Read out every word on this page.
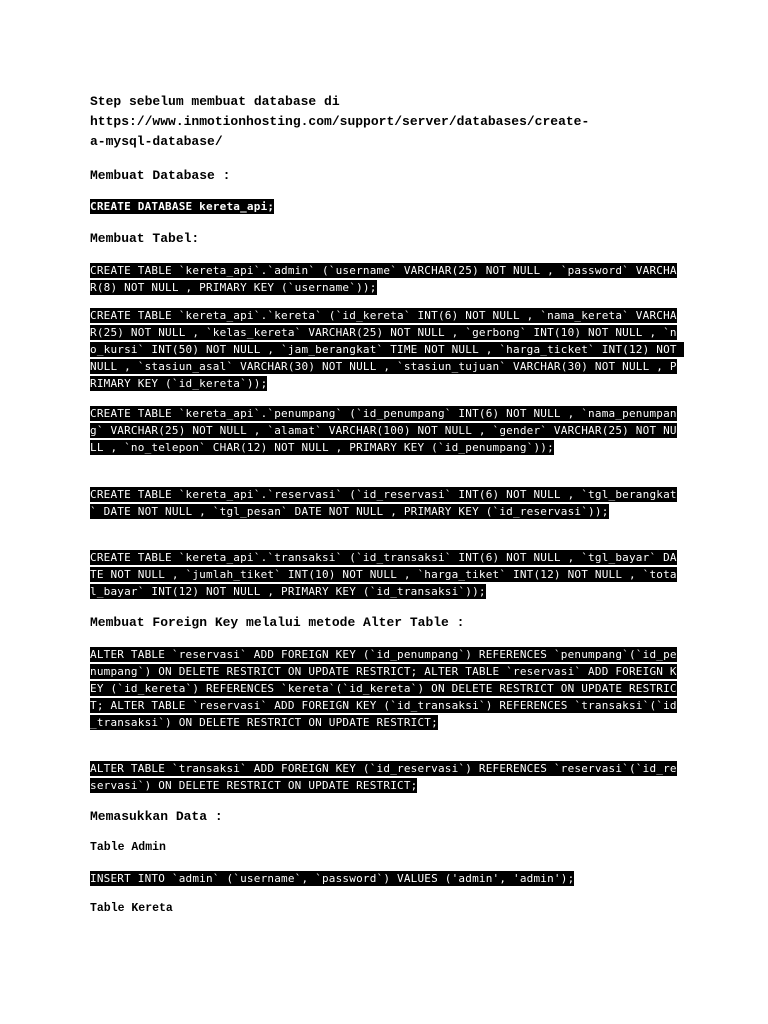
Step sebelum membuat database di
https://www.inmotionhosting.com/support/server/databases/create-
a-mysql-database/
Membuat Database :
CREATE DATABASE kereta_api;
Membuat Tabel:
CREATE TABLE `kereta_api`.`admin` (`username` VARCHAR(25) NOT NULL , `password` VARCHAR(8) NOT NULL , PRIMARY KEY (`username`));
CREATE TABLE `kereta_api`.`kereta` (`id_kereta` INT(6) NOT NULL , `nama_kereta` VARCHAR(25) NOT NULL , `kelas_kereta` VARCHAR(25) NOT NULL , `gerbong` INT(10) NOT NULL , `no_kursi` INT(50) NOT NULL , `jam_berangkat` TIME NOT NULL , `harga_ticket` INT(12) NOT NULL , `stasiun_asal` VARCHAR(30) NOT NULL , `stasiun_tujuan` VARCHAR(30) NOT NULL , PRIMARY KEY (`id_kereta`));
CREATE TABLE `kereta_api`.`penumpang` (`id_penumpang` INT(6) NOT NULL , `nama_penumpang` VARCHAR(25) NOT NULL , `alamat` VARCHAR(100) NOT NULL , `gender` VARCHAR(25) NOT NULL , `no_telepon` CHAR(12) NOT NULL , PRIMARY KEY (`id_penumpang`));
CREATE TABLE `kereta_api`.`reservasi` (`id_reservasi` INT(6) NOT NULL , `tgl_berangkat` DATE NOT NULL , `tgl_pesan` DATE NOT NULL , PRIMARY KEY (`id_reservasi`));
CREATE TABLE `kereta_api`.`transaksi` (`id_transaksi` INT(6) NOT NULL , `tgl_bayar` DATE NOT NULL , `jumlah_tiket` INT(10) NOT NULL , `harga_tiket` INT(12) NOT NULL , `total_bayar` INT(12) NOT NULL , PRIMARY KEY (`id_transaksi`));
Membuat Foreign Key melalui metode Alter Table :
ALTER TABLE `reservasi` ADD FOREIGN KEY (`id_penumpang`) REFERENCES `penumpang`(`id_penumpang`) ON DELETE RESTRICT ON UPDATE RESTRICT; ALTER TABLE `reservasi` ADD FOREIGN KEY (`id_kereta`) REFERENCES `kereta`(`id_kereta`) ON DELETE RESTRICT ON UPDATE RESTRICT; ALTER TABLE `reservasi` ADD FOREIGN KEY (`id_transaksi`) REFERENCES `transaksi`(`id_transaksi`) ON DELETE RESTRICT ON UPDATE RESTRICT;
ALTER TABLE `transaksi` ADD FOREIGN KEY (`id_reservasi`) REFERENCES `reservasi`(`id_reservasi`) ON DELETE RESTRICT ON UPDATE RESTRICT;
Memasukkan Data :
Table Admin
INSERT INTO `admin` (`username`, `password`) VALUES ('admin', 'admin');
Table Kereta
